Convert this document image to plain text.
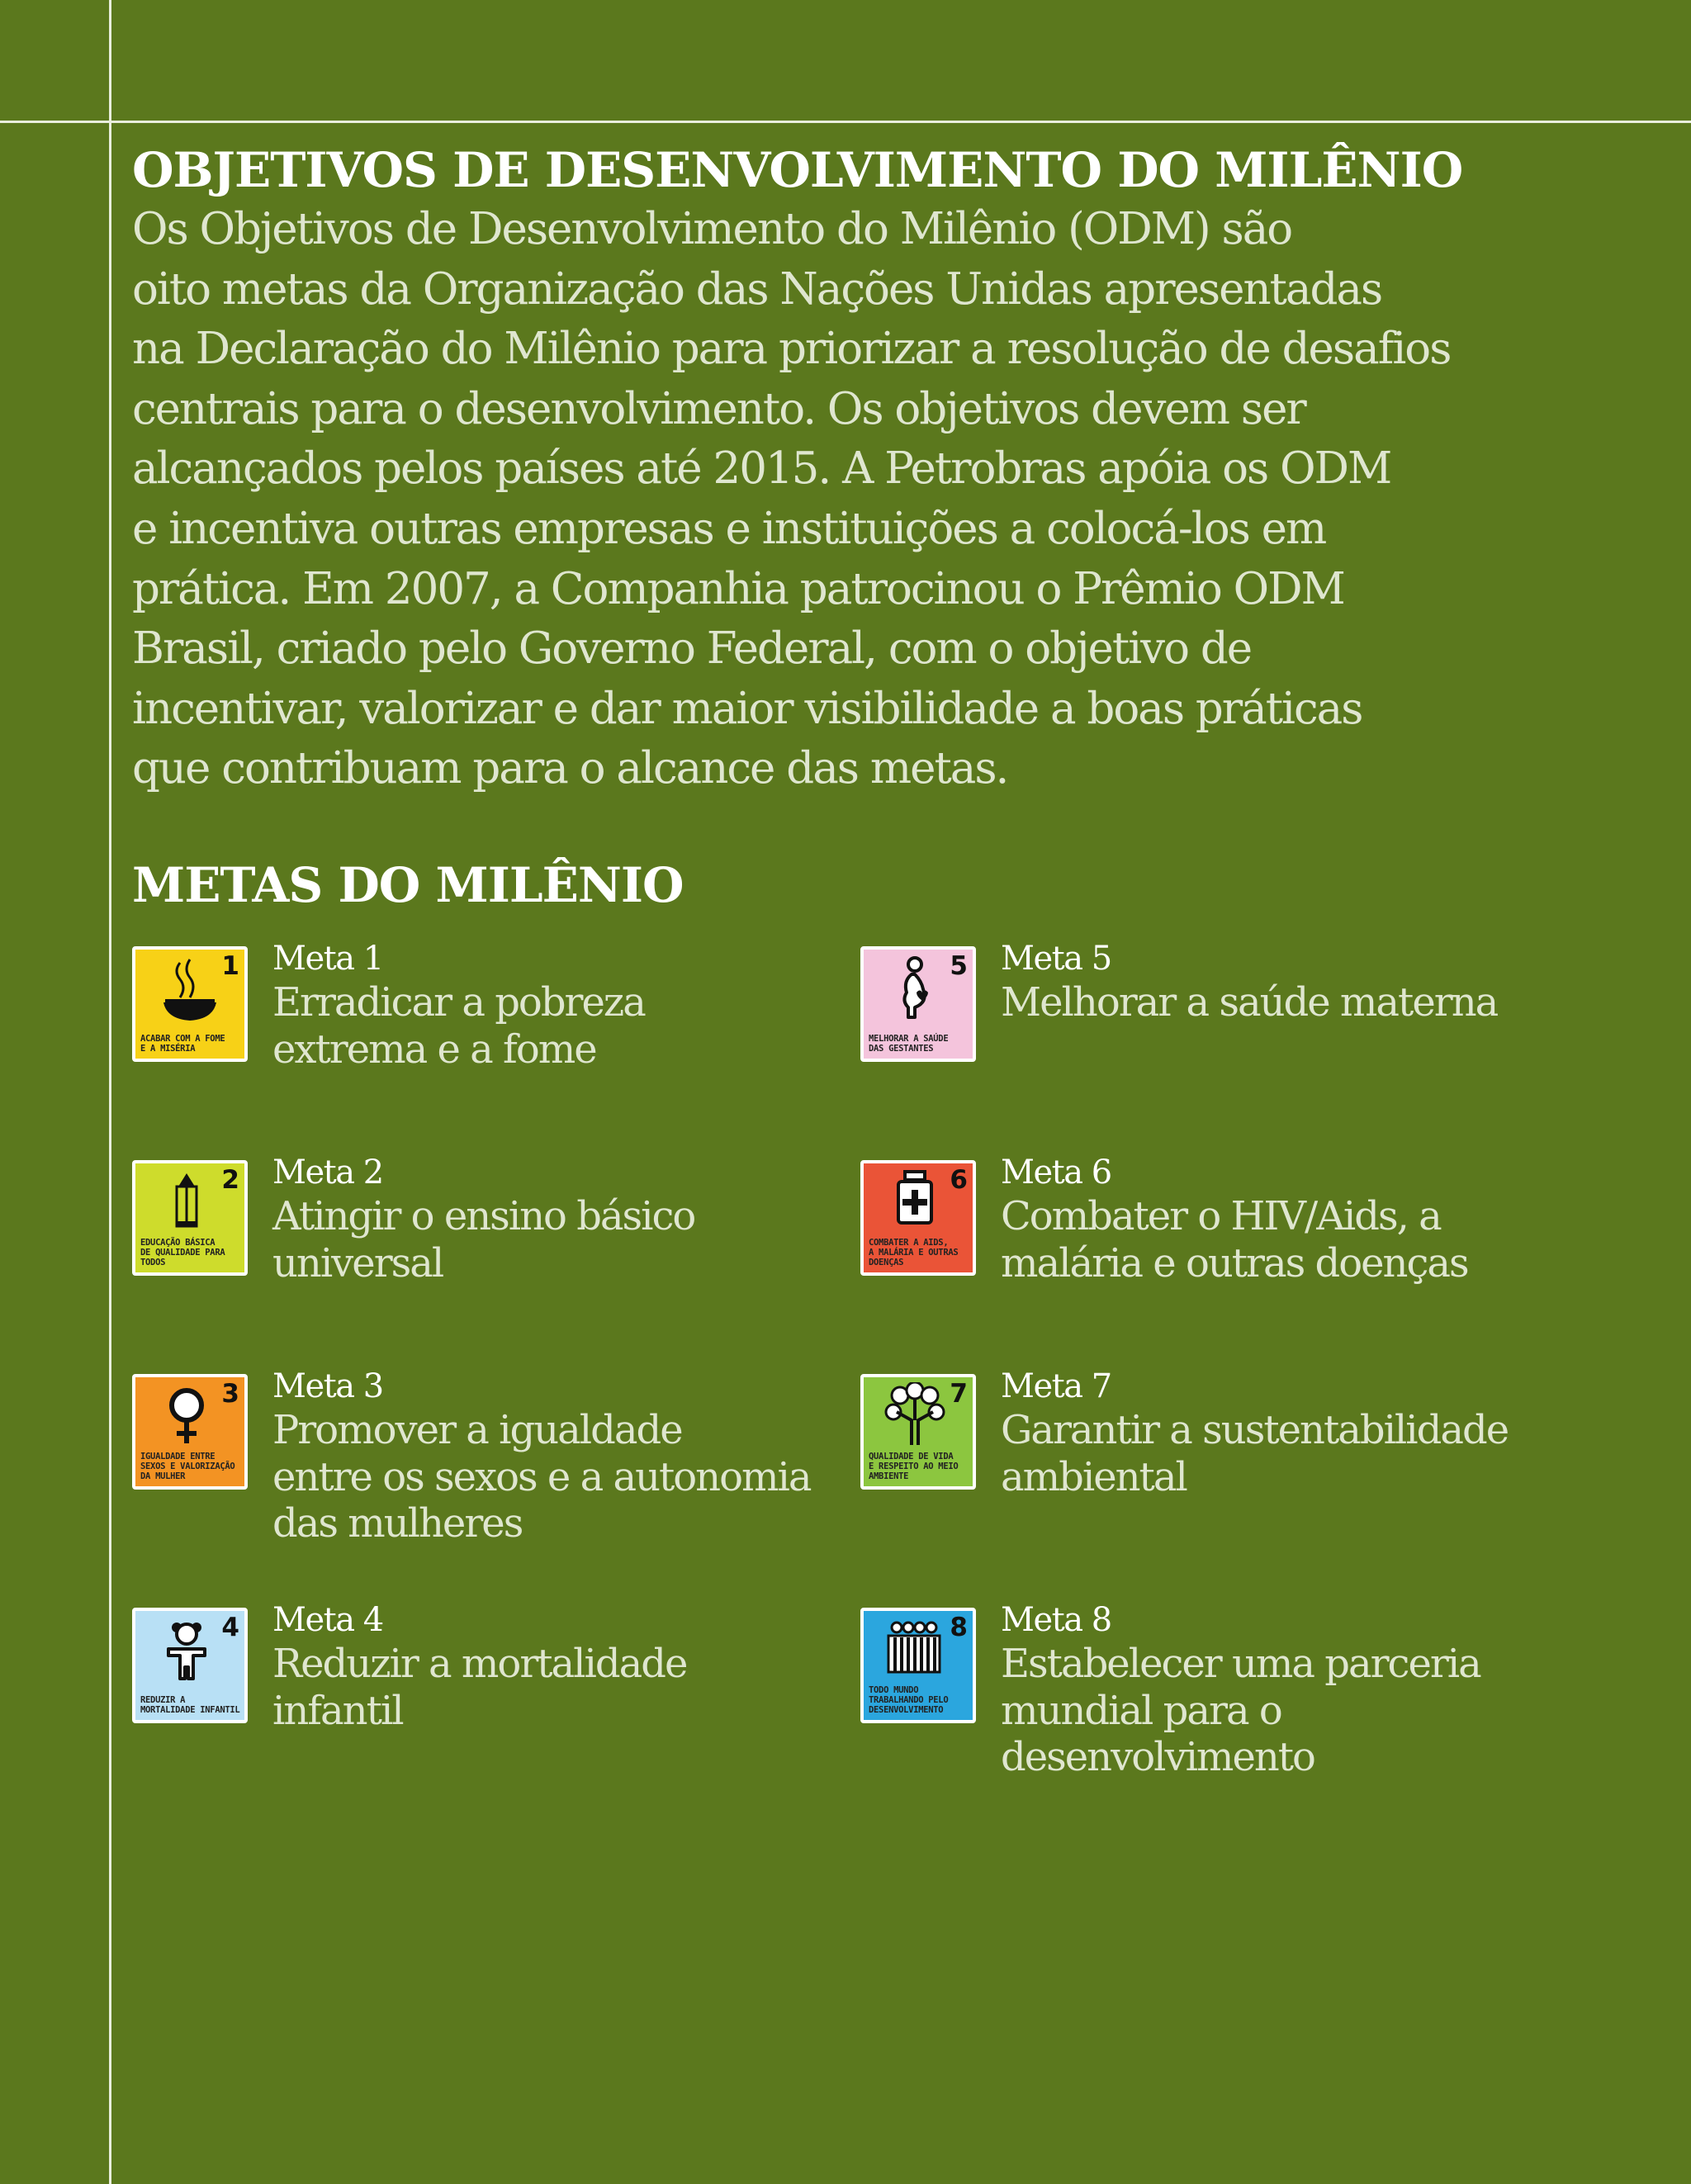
OBJETIVOS DE DESENVOLVIMENTO DO MILÊNIO

Os Objetivos de Desenvolvimento do Milênio (ODM) são
oito metas da Organização das Nações Unidas apresentadas
na Declaração do Milênio para priorizar a resolução de desafios
centrais para o desenvolvimento. Os objetivos devem ser
alcançados pelos países até 2015. A Petrobras apóia os ODM
e incentiva outras empresas e instituições a colocá-los em
prática. Em 2007, a Companhia patrocinou o Prêmio ODM
Brasil, criado pelo Governo Federal, com o objetivo de
incentivar, valorizar e dar maior visibilidade a boas práticas
que contribuam para o alcance das metas.

METAS DO MILÊNIO
1
ACABAR COM A FOME
E A MISÉRIA
Meta 1
Erradicar a pobreza
extrema e a fome
2
EDUCAÇÃO BÁSICA
DE QUALIDADE PARA
TODOS
Meta 2
Atingir o ensino básico
universal
3
IGUALDADE ENTRE
SEXOS E VALORIZAÇÃO
DA MULHER
Meta 3
Promover a igualdade
entre os sexos e a autonomia
das mulheres
4
REDUZIR A
MORTALIDADE INFANTIL
Meta 4
Reduzir a mortalidade
infantil
5
MELHORAR A SAÚDE
DAS GESTANTES
Meta 5
Melhorar a saúde materna
6
COMBATER A AIDS,
A MALÁRIA E OUTRAS
DOENÇAS
Meta 6
Combater o HIV/Aids, a
malária e outras doenças
7
QUALIDADE DE VIDA
E RESPEITO AO MEIO
AMBIENTE
Meta 7
Garantir a sustentabilidade
ambiental
8
TODO MUNDO
TRABALHANDO PELO
DESENVOLVIMENTO
Meta 8
Estabelecer uma parceria
mundial para o
desenvolvimento
